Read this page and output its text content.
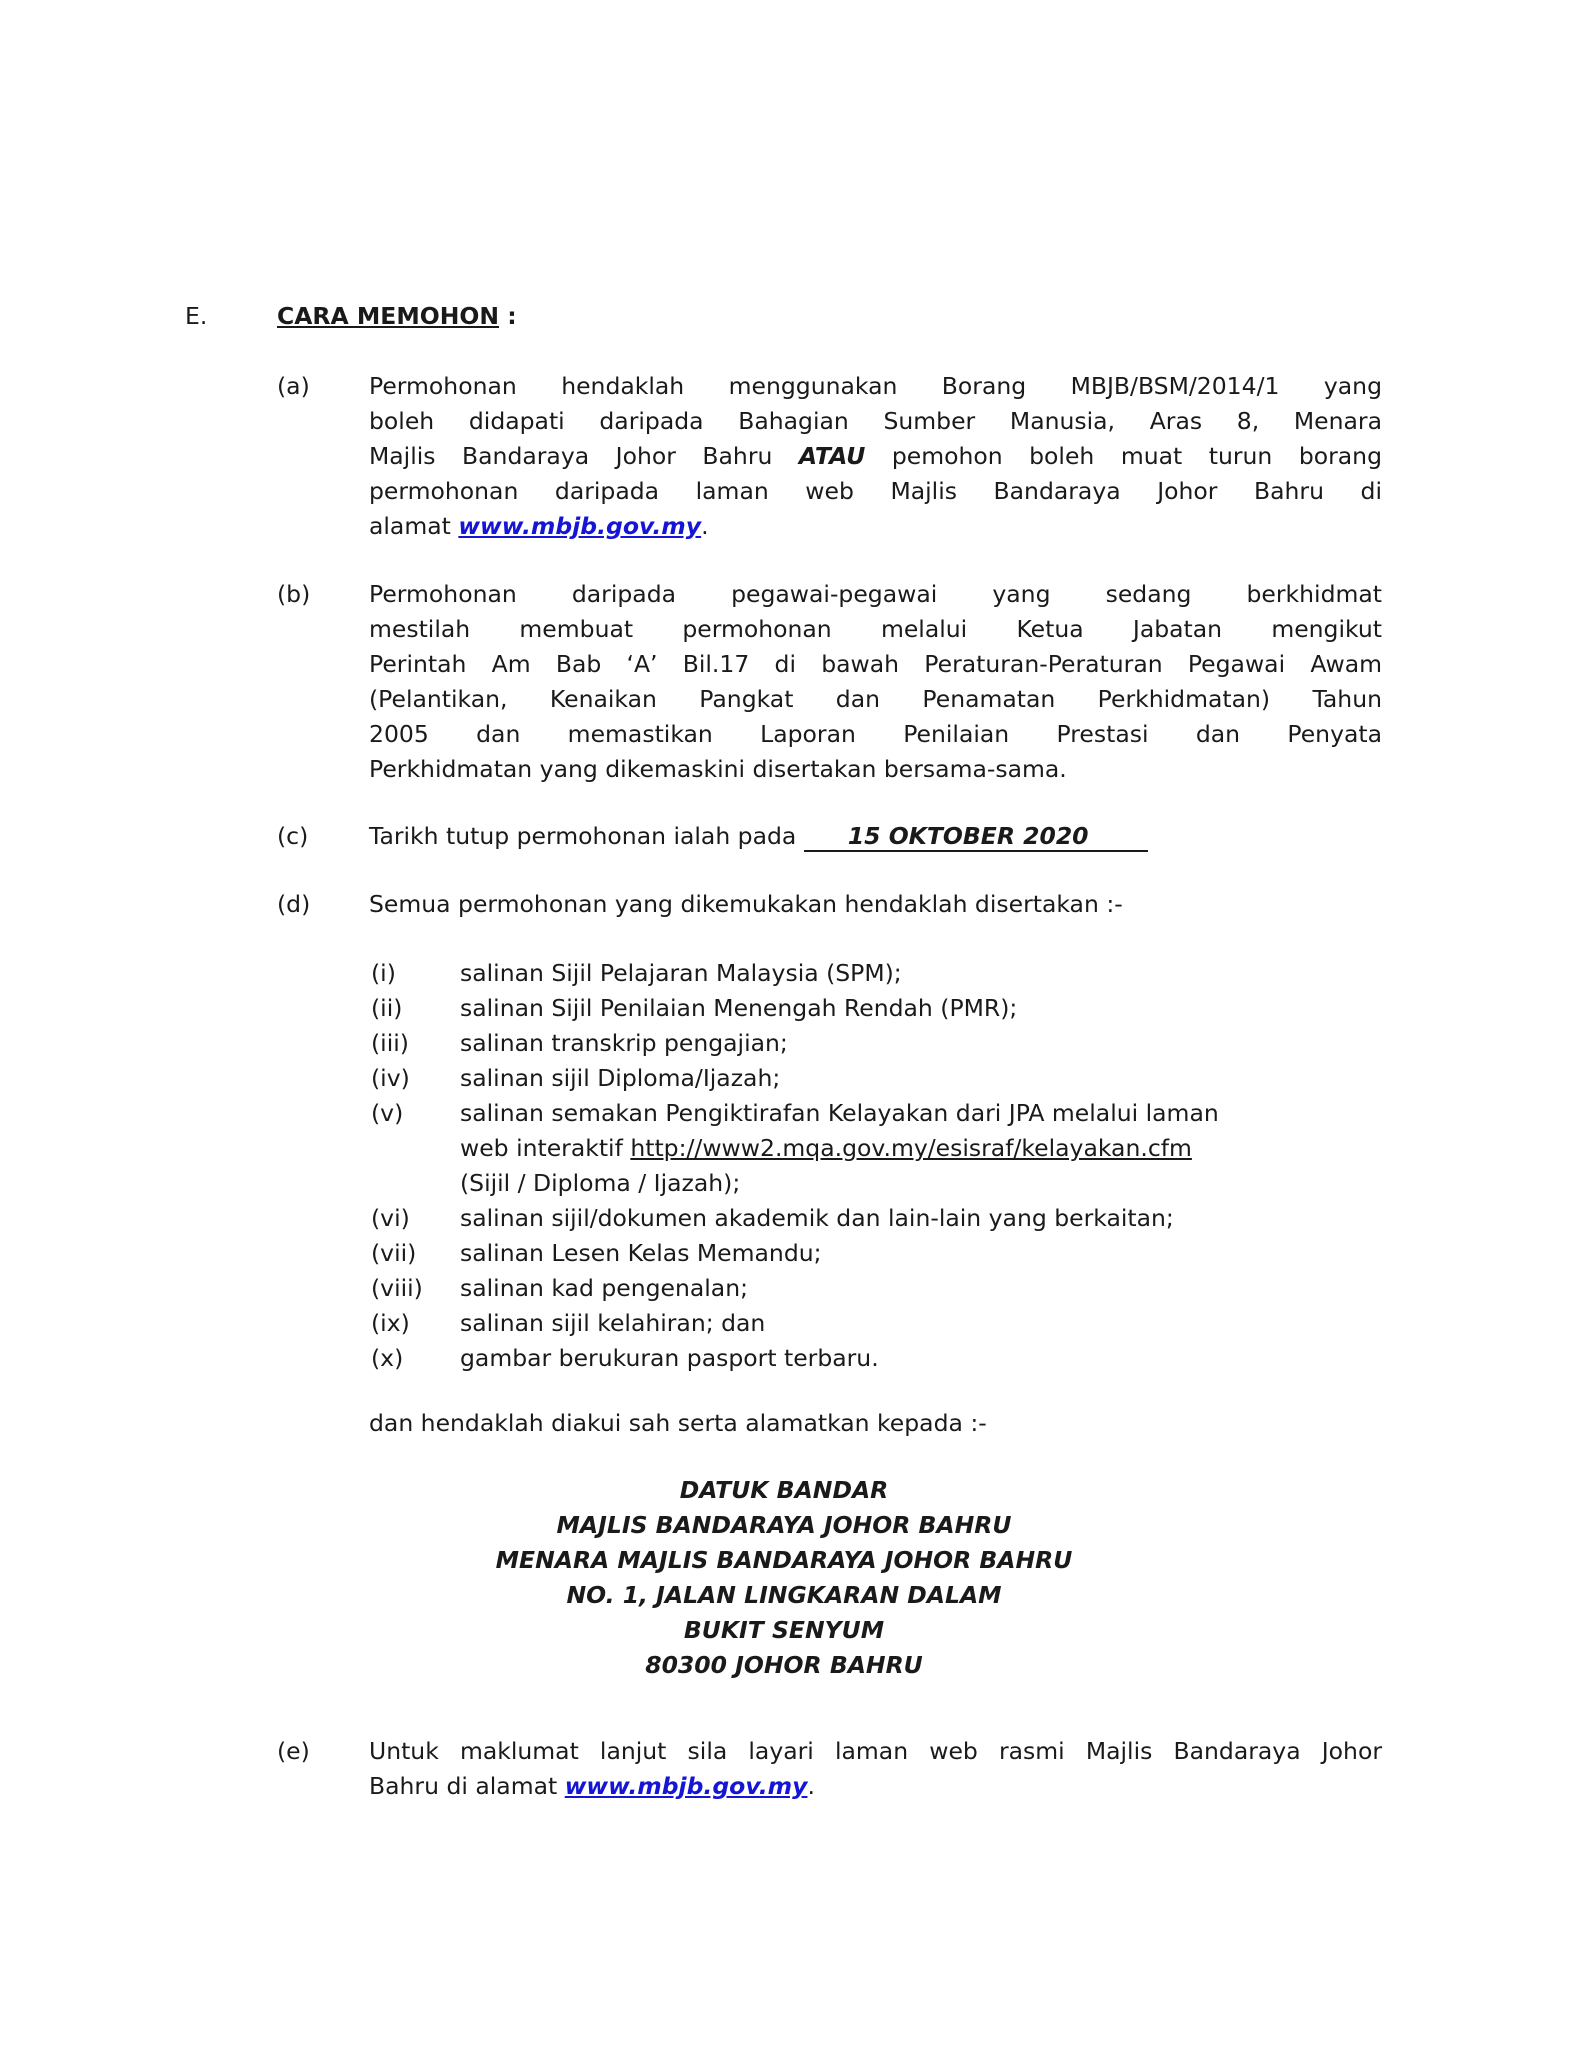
E.	CARA MEMOHON :
(a)	Permohonan hendaklah menggunakan Borang MBJB/BSM/2014/1 yang
boleh didapati daripada Bahagian Sumber Manusia, Aras 8, Menara
Majlis Bandaraya Johor Bahru ATAU pemohon boleh muat turun borang
permohonan daripada laman web Majlis Bandaraya Johor Bahru di
alamat www.mbjb.gov.my.
(b) Permohonan daripada pegawai-pegawai yang sedang berkhidmat
mestilah membuat permohonan melalui Ketua Jabatan mengikut
Perintah Am Bab ‘A’ Bil.17 di bawah Peraturan-Peraturan Pegawai Awam
(Pelantikan, Kenaikan Pangkat dan Penamatan Perkhidmatan) Tahun
2005 dan memastikan Laporan Penilaian Prestasi dan Penyata
Perkhidmatan yang dikemaskini disertakan bersama-sama.
(c)	Tarikh tutup permohonan ialah pada 15 OKTOBER 2020
(d) Semua permohonan yang dikemukakan hendaklah disertakan :-
(i)	salinan Sijil Pelajaran Malaysia (SPM);
(ii) salinan Sijil Penilaian Menengah Rendah (PMR);
(iii) salinan transkrip pengajian;
(iv) salinan sijil Diploma/Ijazah;
(v) salinan semakan Pengiktirafan Kelayakan dari JPA melalui laman
web interaktif http://www2.mqa.gov.my/esisraf/kelayakan.cfm
(Sijil / Diploma / Ijazah);
(vi) salinan sijil/dokumen akademik dan lain-lain yang berkaitan;
(vii) salinan Lesen Kelas Memandu;
(viii) salinan kad pengenalan;
(ix) salinan sijil kelahiran; dan
(x) gambar berukuran pasport terbaru.
dan hendaklah diakui sah serta alamatkan kepada :-
DATUK BANDAR
MAJLIS BANDARAYA JOHOR BAHRU
MENARA MAJLIS BANDARAYA JOHOR BAHRU
NO. 1, JALAN LINGKARAN DALAM
BUKIT SENYUM
80300 JOHOR BAHRU
(e)	Untuk maklumat lanjut sila layari laman web rasmi Majlis Bandaraya Johor
Bahru di alamat www.mbjb.gov.my.
